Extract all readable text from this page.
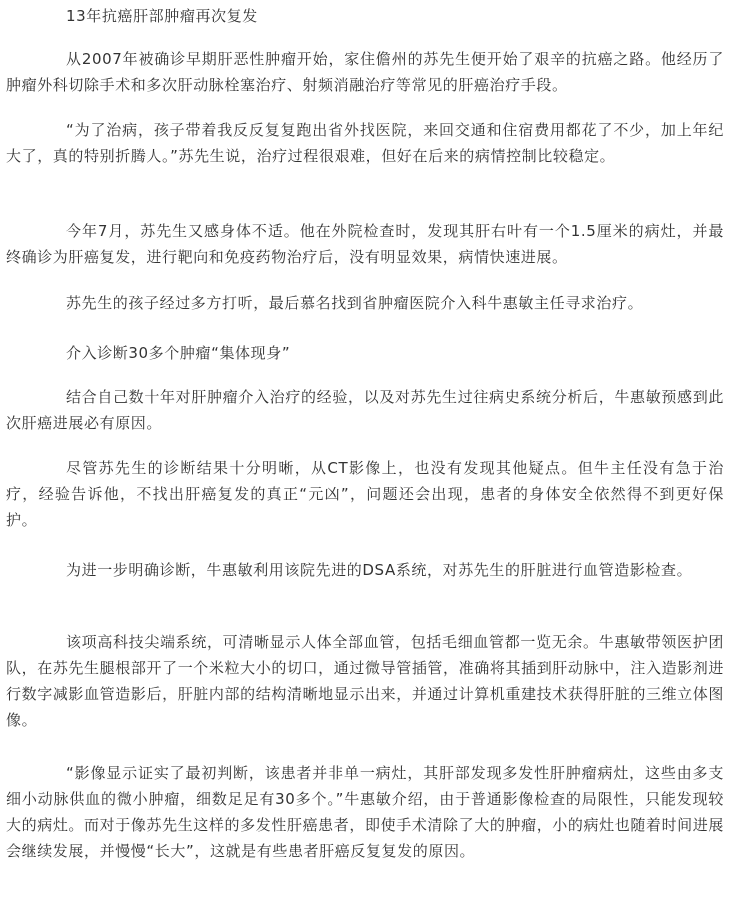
13年抗癌肝部肿瘤再次复发

从2007年被确诊早期肝恶性肿瘤开始，家住儋州的苏先生便开始了艰辛的抗癌之路。他经历了肿瘤外科切除手术和多次肝动脉栓塞治疗、射频消融治疗等常见的肝癌治疗手段。

“为了治病，孩子带着我反反复复跑出省外找医院，来回交通和住宿费用都花了不少，加上年纪大了，真的特别折腾人。”苏先生说，治疗过程很艰难，但好在后来的病情控制比较稳定。

今年7月，苏先生又感身体不适。他在外院检查时，发现其肝右叶有一个1.5厘米的病灶，并最终确诊为肝癌复发，进行靶向和免疫药物治疗后，没有明显效果，病情快速进展。

苏先生的孩子经过多方打听，最后慕名找到省肿瘤医院介入科牛惠敏主任寻求治疗。

介入诊断30多个肿瘤“集体现身”

结合自己数十年对肝肿瘤介入治疗的经验，以及对苏先生过往病史系统分析后，牛惠敏预感到此次肝癌进展必有原因。

尽管苏先生的诊断结果十分明晰，从CT影像上，也没有发现其他疑点。但牛主任没有急于治疗，经验告诉他，不找出肝癌复发的真正“元凶”，问题还会出现，患者的身体安全依然得不到更好保护。

为进一步明确诊断，牛惠敏利用该院先进的DSA系统，对苏先生的肝脏进行血管造影检查。

该项高科技尖端系统，可清晰显示人体全部血管，包括毛细血管都一览无余。牛惠敏带领医护团队，在苏先生腿根部开了一个米粒大小的切口，通过微导管插管，准确将其插到肝动脉中，注入造影剂进行数字减影血管造影后，肝脏内部的结构清晰地显示出来，并通过计算机重建技术获得肝脏的三维立体图像。

“影像显示证实了最初判断，该患者并非单一病灶，其肝部发现多发性肝肿瘤病灶，这些由多支细小动脉供血的微小肿瘤，细数足足有30多个。”牛惠敏介绍，由于普通影像检查的局限性，只能发现较大的病灶。而对于像苏先生这样的多发性肝癌患者，即使手术清除了大的肿瘤，小的病灶也随着时间进展会继续发展，并慢慢“长大”，这就是有些患者肝癌反复复发的原因。
